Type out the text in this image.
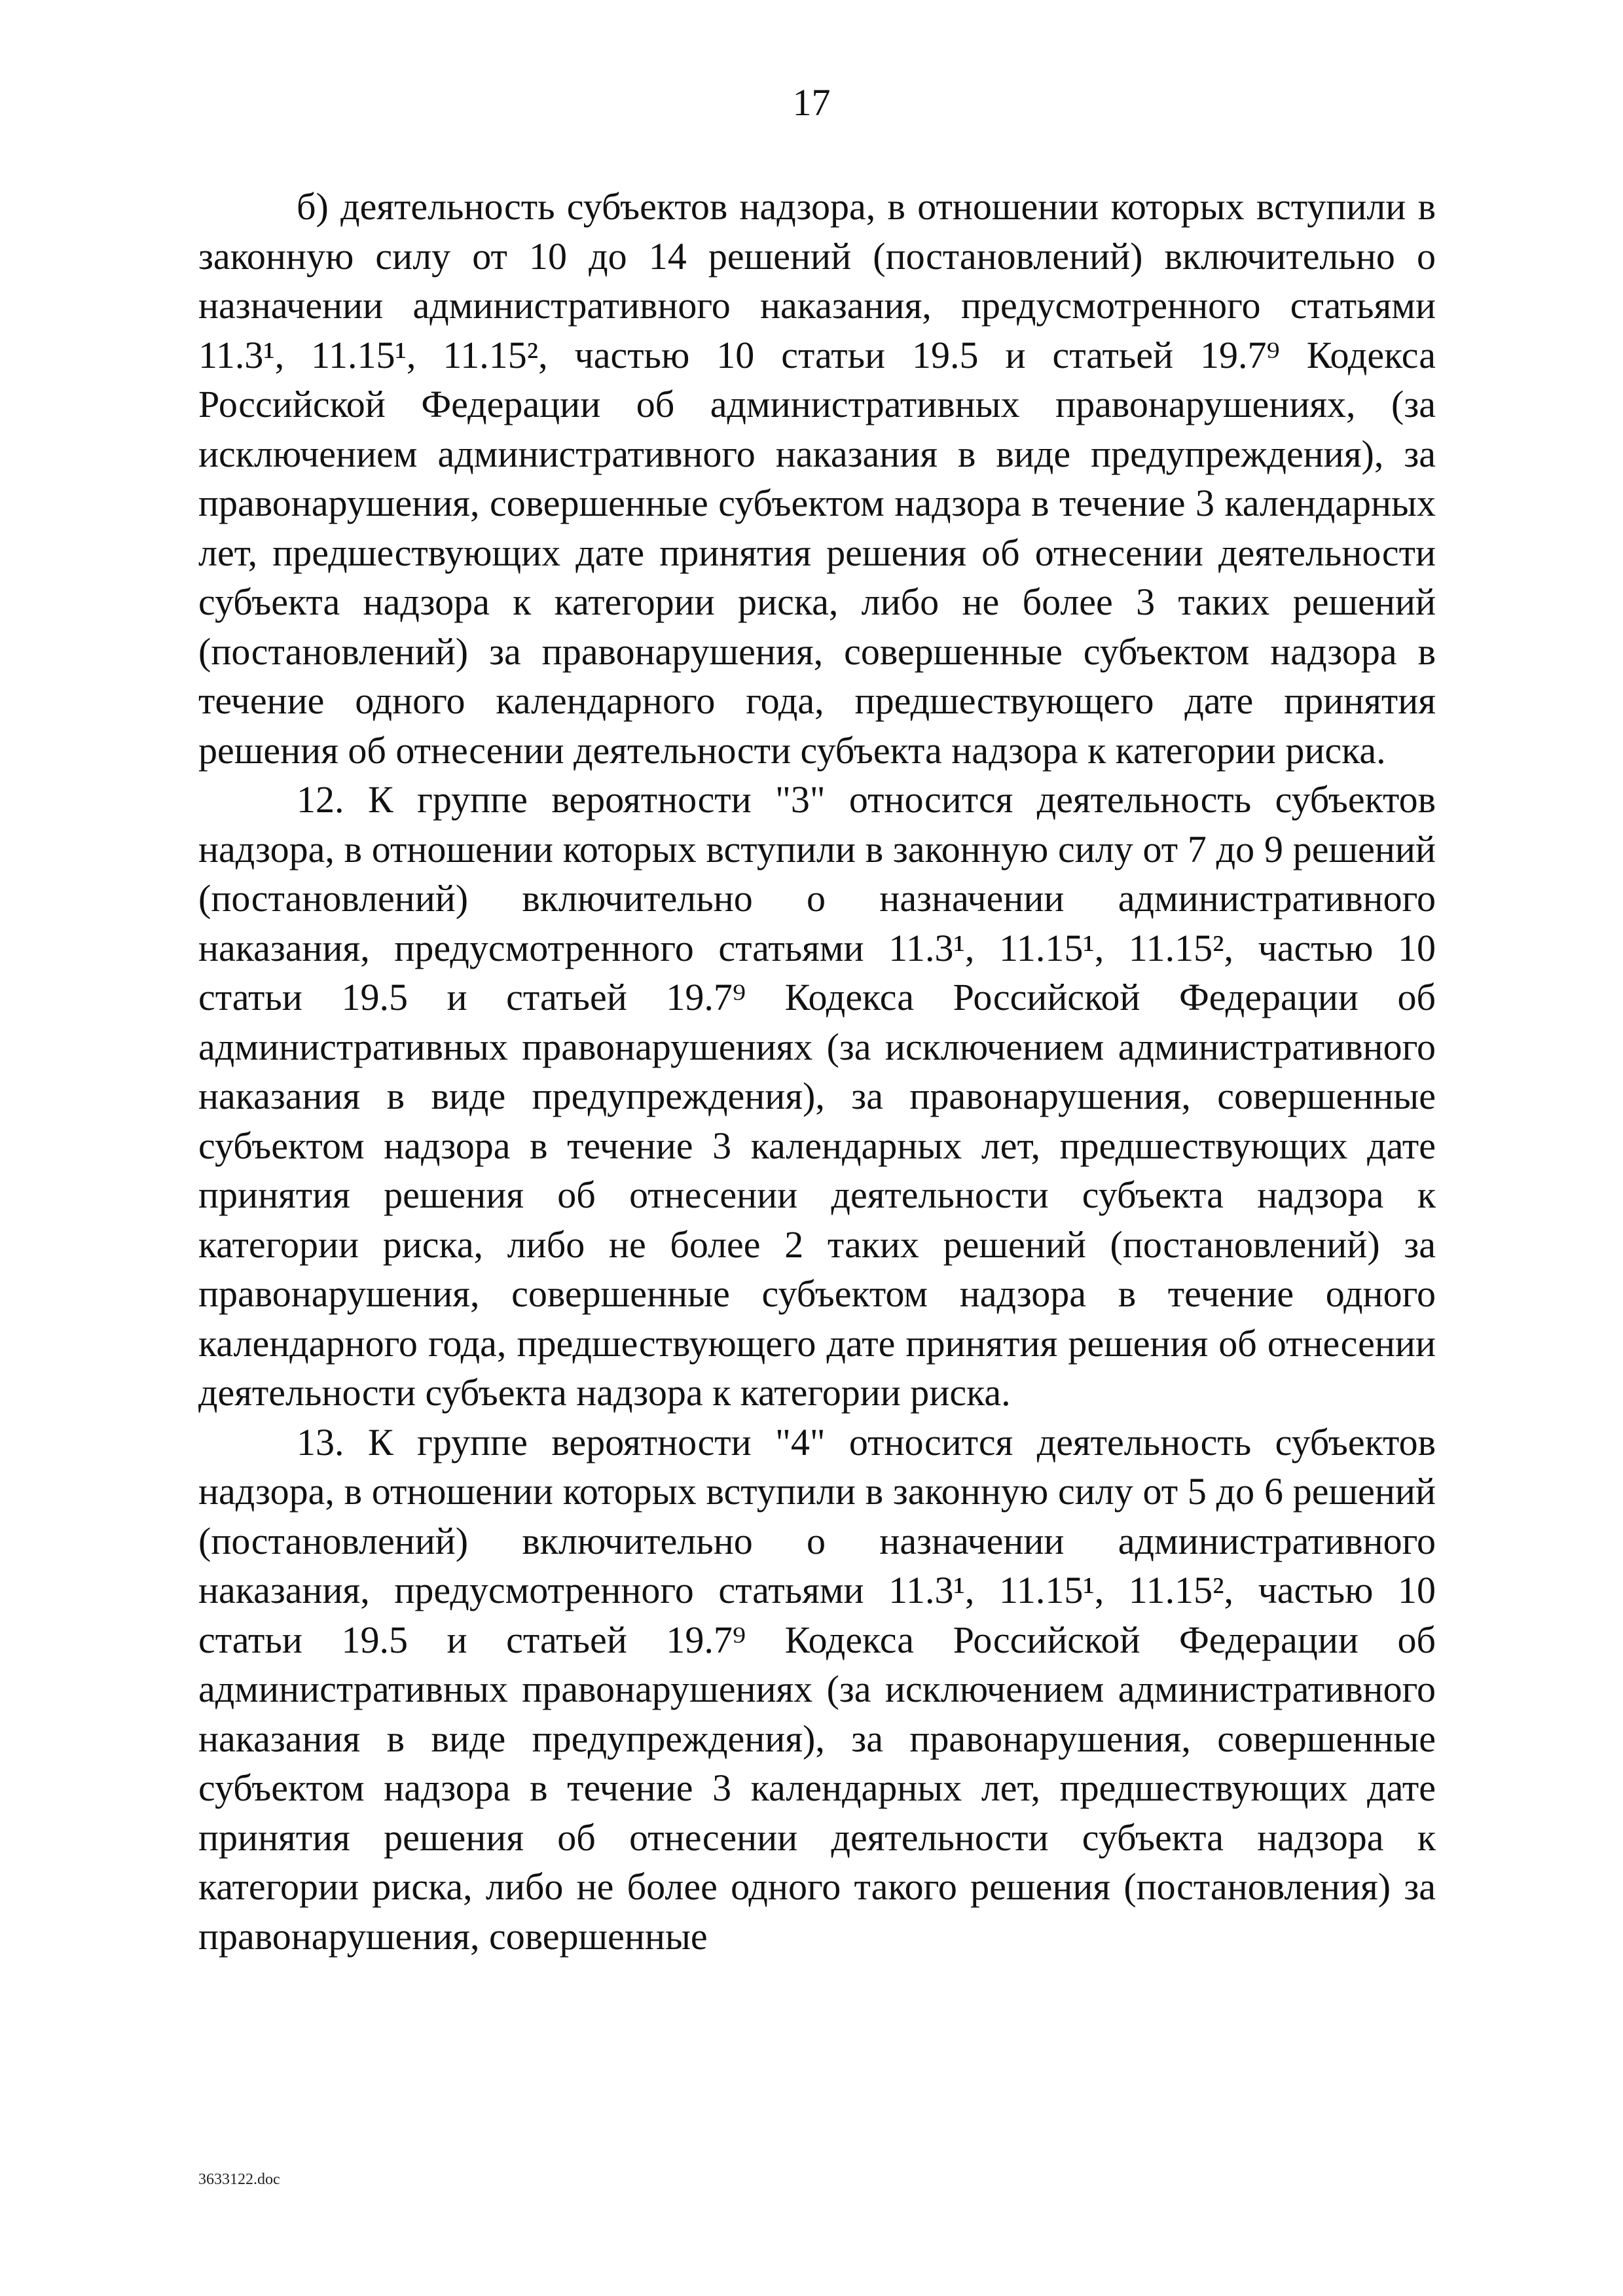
17

б) деятельность субъектов надзора, в отношении которых вступили в законную силу от 10 до 14 решений (постановлений) включительно о назначении административного наказания, предусмотренного статьями 11.3¹, 11.15¹, 11.15², частью 10 статьи 19.5 и статьей 19.7⁹ Кодекса Российской Федерации об административных правонарушениях, (за исключением административного наказания в виде предупреждения), за правонарушения, совершенные субъектом надзора в течение 3 календарных лет, предшествующих дате принятия решения об отнесении деятельности субъекта надзора к категории риска, либо не более 3 таких решений (постановлений) за правонарушения, совершенные субъектом надзора в течение одного календарного года, предшествующего дате принятия решения об отнесении деятельности субъекта надзора к категории риска.

12. К группе вероятности "3" относится деятельность субъектов надзора, в отношении которых вступили в законную силу от 7 до 9 решений (постановлений) включительно о назначении административного наказания, предусмотренного статьями 11.3¹, 11.15¹, 11.15², частью 10 статьи 19.5 и статьей 19.7⁹ Кодекса Российской Федерации об административных правонарушениях (за исключением административного наказания в виде предупреждения), за правонарушения, совершенные субъектом надзора в течение 3 календарных лет, предшествующих дате принятия решения об отнесении деятельности субъекта надзора к категории риска, либо не более 2 таких решений (постановлений) за правонарушения, совершенные субъектом надзора в течение одного календарного года, предшествующего дате принятия решения об отнесении деятельности субъекта надзора к категории риска.

13. К группе вероятности "4" относится деятельность субъектов надзора, в отношении которых вступили в законную силу от 5 до 6 решений (постановлений) включительно о назначении административного наказания, предусмотренного статьями 11.3¹, 11.15¹, 11.15², частью 10 статьи 19.5 и статьей 19.7⁹ Кодекса Российской Федерации об административных правонарушениях (за исключением административного наказания в виде предупреждения), за правонарушения, совершенные субъектом надзора в течение 3 календарных лет, предшествующих дате принятия решения об отнесении деятельности субъекта надзора к категории риска, либо не более одного такого решения (постановления) за правонарушения, совершенные

3633122.doc
